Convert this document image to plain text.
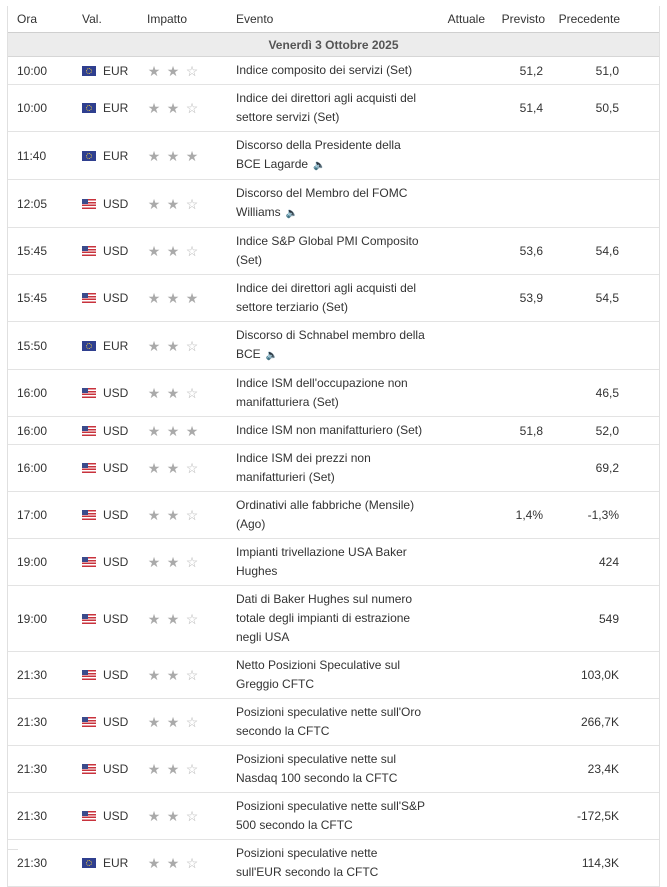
Ora	Val.	Impatto	Evento	Attuale	Previsto	Precedente
Venerdì 3 Ottobre 2025						
10:00	EUR	★ ★ ☆	Indice composito dei servizi (Set)		51,2	51,0
10:00	EUR	★ ★ ☆	Indice dei direttori agli acquisti del settore servizi (Set)		51,4	50,5
11:40	EUR	★ ★ ★	Discorso della Presidente della BCE Lagarde 🔈			

12:05	USD	★ ★ ☆	Discorso del Membro del FOMC Williams 🔈			

15:45	USD	★ ★ ☆	Indice S&P Global PMI Composito (Set)		53,6	54,6
15:45	USD	★ ★ ★	Indice dei direttori agli acquisti del settore terziario (Set)		53,9	54,5
15:50	EUR	★ ★ ☆	Discorso di Schnabel membro della BCE 🔈			

16:00	USD	★ ★ ☆	Indice ISM dell'occupazione non manifatturiera (Set)			46,5
16:00	USD	★ ★ ★	Indice ISM non manifatturiero (Set)		51,8	52,0
16:00	USD	★ ★ ☆	Indice ISM dei prezzi non manifatturieri (Set)			69,2
17:00	USD	★ ★ ☆	Ordinativi alle fabbriche (Mensile) (Ago)		1,4%	-1,3%
19:00	USD	★ ★ ☆	Impianti trivellazione USA Baker Hughes			424
19:00	USD	★ ★ ☆	Dati di Baker Hughes sul numero totale degli impianti di estrazione negli USA			549
21:30	USD	★ ★ ☆	Netto Posizioni Speculative sul Greggio CFTC			103,0K
21:30	USD	★ ★ ☆	Posizioni speculative nette sull'Oro secondo la CFTC			266,7K
21:30	USD	★ ★ ☆	Posizioni speculative nette sul Nasdaq 100 secondo la CFTC			23,4K
21:30	USD	★ ★ ☆	Posizioni speculative nette sull'S&P 500 secondo la CFTC			-172,5K
21:30	EUR	★ ★ ☆	Posizioni speculative nette sull'EUR secondo la CFTC			114,3K
